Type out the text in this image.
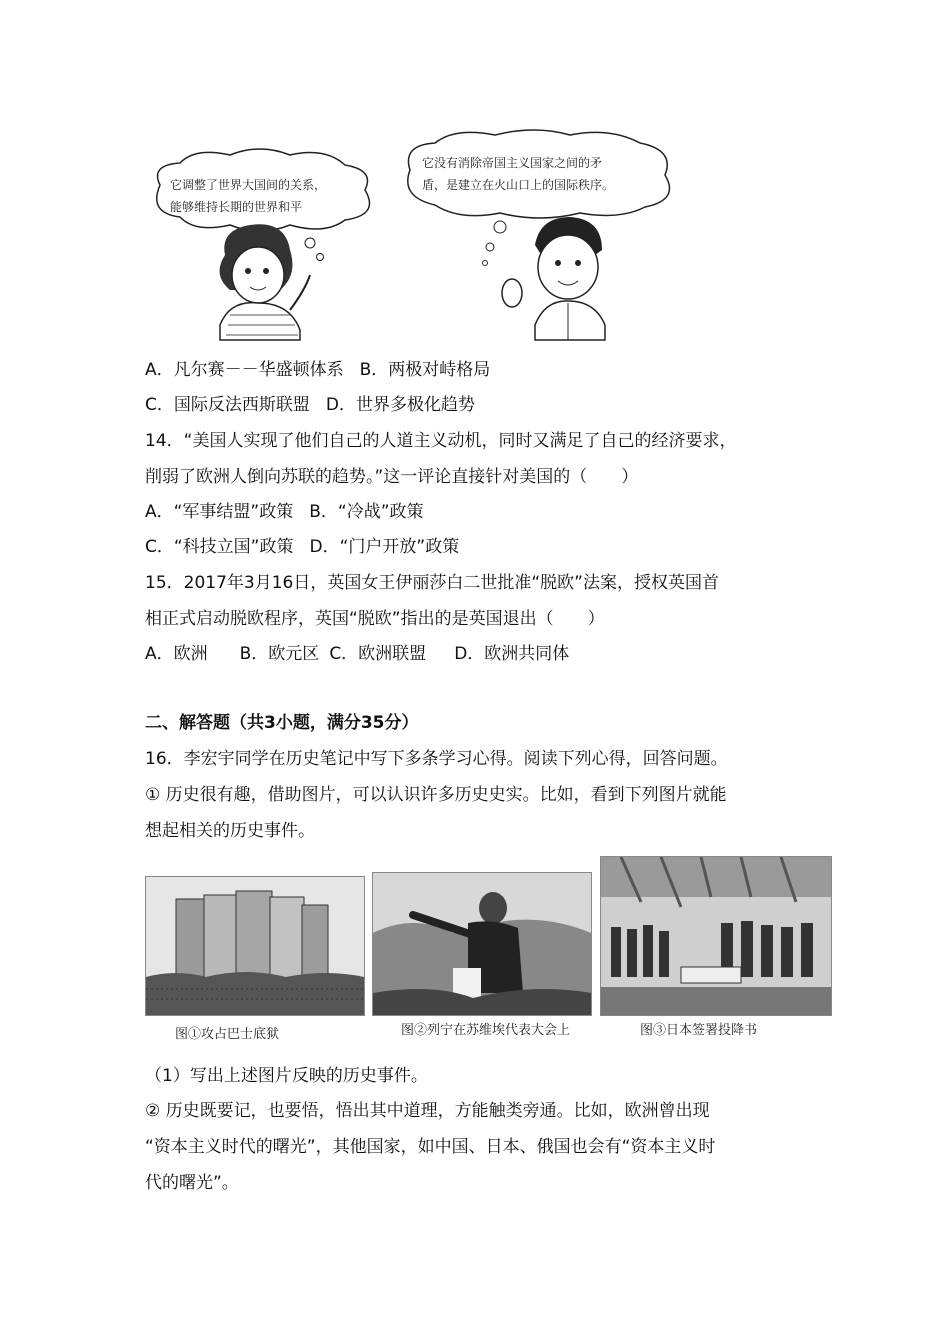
它调整了世界大国间的关系，
能够维持长期的世界和平
它没有消除帝国主义国家之间的矛
盾，是建立在火山口上的国际秩序。
A．凡尔赛－－华盛顿体系 B．两极对峙格局
C．国际反法西斯联盟 D．世界多极化趋势
14．“美国人实现了他们自己的人道主义动机，同时又满足了自己的经济要求，
削弱了欧洲人倒向苏联的趋势。”这一评论直接针对美国的（　　）
A．“军事结盟”政策 B．“冷战”政策
C．“科技立国”政策 D．“门户开放”政策
15．2017年3月16日，英国女王伊丽莎白二世批准“脱欧”法案，授权英国首
相正式启动脱欧程序，英国“脱欧”指出的是英国退出（　　）
A．欧洲 B．欧元区 C．欧洲联盟 D．欧洲共同体
二、解答题（共3小题，满分35分）
16．李宏宇同学在历史笔记中写下多条学习心得。阅读下列心得，回答问题。
① 历史很有趣，借助图片，可以认识许多历史史实。比如，看到下列图片就能
想起相关的历史事件。
图①攻占巴士底狱	图②列宁在苏维埃代表大会上	图③日本签署投降书
（1）写出上述图片反映的历史事件。
② 历史既要记，也要悟，悟出其中道理，方能触类旁通。比如，欧洲曾出现
“资本主义时代的曙光”，其他国家，如中国、日本、俄国也会有“资本主义时
代的曙光”。
